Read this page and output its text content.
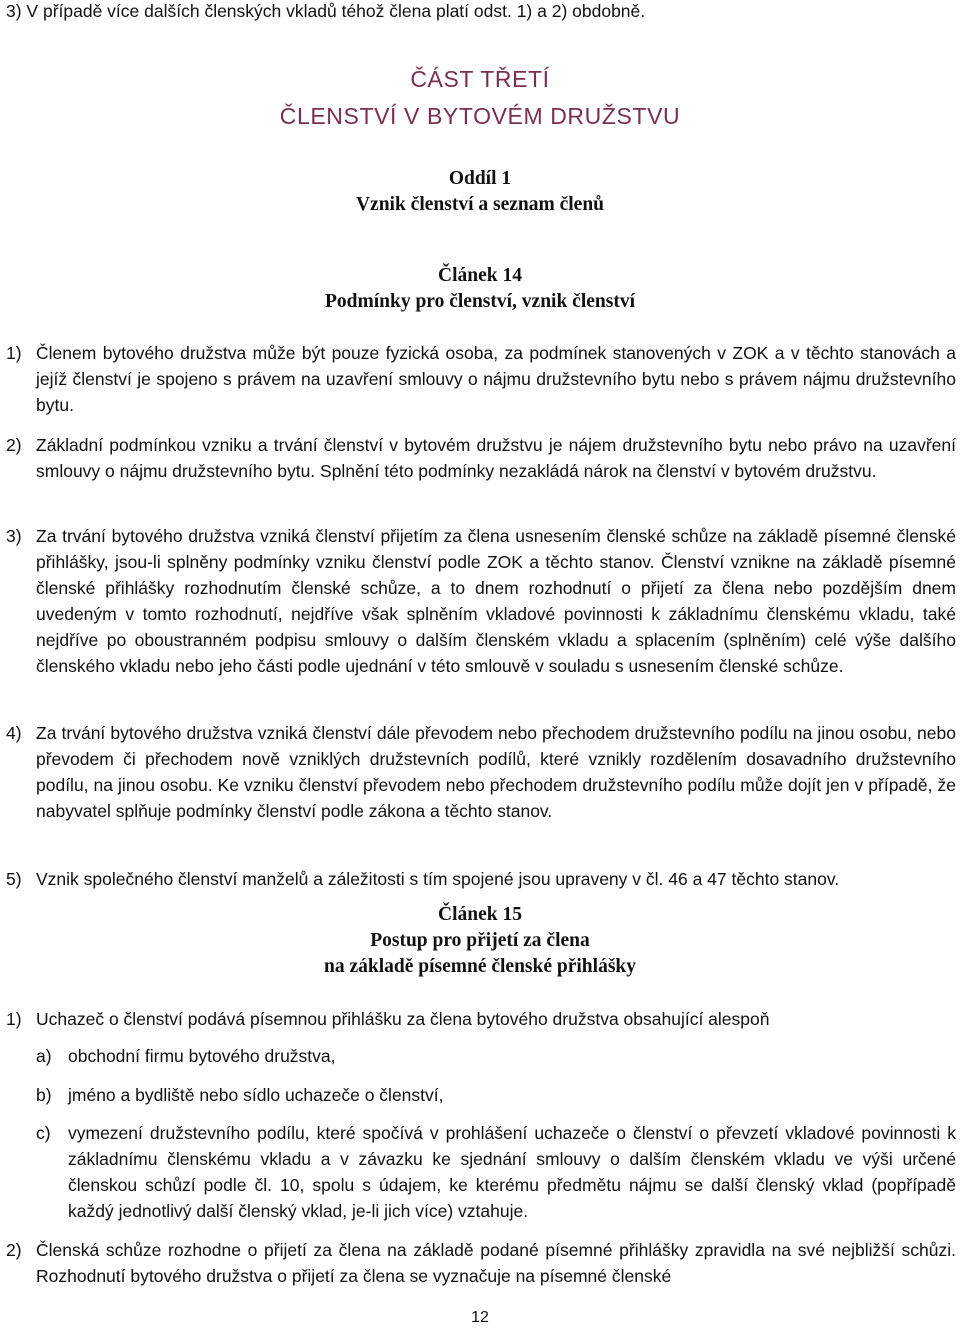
3) V případě více dalších členských vkladů téhož člena platí odst. 1) a 2) obdobně.
ČÁST TŘETÍ
ČLENSTVÍ V BYTOVÉM DRUŽSTVU
Oddíl 1
Vznik členství a seznam členů
Článek 14
Podmínky pro členství, vznik členství
1) Členem bytového družstva může být pouze fyzická osoba, za podmínek stanovených v ZOK a v těchto stanovách a jejíž členství je spojeno s právem na uzavření smlouvy o nájmu družstevního bytu nebo s právem nájmu družstevního bytu.
2) Základní podmínkou vzniku a trvání členství v bytovém družstvu je nájem družstevního bytu nebo právo na uzavření smlouvy o nájmu družstevního bytu. Splnění této podmínky nezakládá nárok na členství v bytovém družstvu.
3) Za trvání bytového družstva vzniká členství přijetím za člena usnesením členské schůze na základě písemné členské přihlášky, jsou-li splněny podmínky vzniku členství podle ZOK a těchto stanov. Členství vznikne na základě písemné členské přihlášky rozhodnutím členské schůze, a to dnem rozhodnutí o přijetí za člena nebo pozdějším dnem uvedeným v tomto rozhodnutí, nejdříve však splněním vkladové povinnosti k základnímu členskému vkladu, také nejdříve po oboustranném podpisu smlouvy o dalším členském vkladu a splacením (splněním) celé výše dalšího členského vkladu nebo jeho části podle ujednání v této smlouvě v souladu s usnesením členské schůze.
4) Za trvání bytového družstva vzniká členství dále převodem nebo přechodem družstevního podílu na jinou osobu, nebo převodem či přechodem nově vzniklých družstevních podílů, které vznikly rozdělením dosavadního družstevního podílu, na jinou osobu. Ke vzniku členství převodem nebo přechodem družstevního podílu může dojít jen v případě, že nabyvatel splňuje podmínky členství podle zákona a těchto stanov.
5) Vznik společného členství manželů a záležitosti s tím spojené jsou upraveny v čl. 46 a 47 těchto stanov.
Článek 15
Postup pro přijetí za člena
na základě písemné členské přihlášky
1) Uchazeč o členství podává písemnou přihlášku za člena bytového družstva obsahující alespoň
a) obchodní firmu bytového družstva,
b) jméno a bydliště nebo sídlo uchazeče o členství,
c) vymezení družstevního podílu, které spočívá v prohlášení uchazeče o členství o převzetí vkladové povinnosti k základnímu členskému vkladu a v závazku ke sjednání smlouvy o dalším členském vkladu ve výši určené členskou schůzí podle čl. 10, spolu s údajem, ke kterému předmětu nájmu se další členský vklad (popřípadě každý jednotlivý další členský vklad, je-li jich více) vztahuje.
2) Členská schůze rozhodne o přijetí za člena na základě podané písemné přihlášky zpravidla na své nejbližší schůzi. Rozhodnutí bytového družstva o přijetí za člena se vyznačuje na písemné členské
12
